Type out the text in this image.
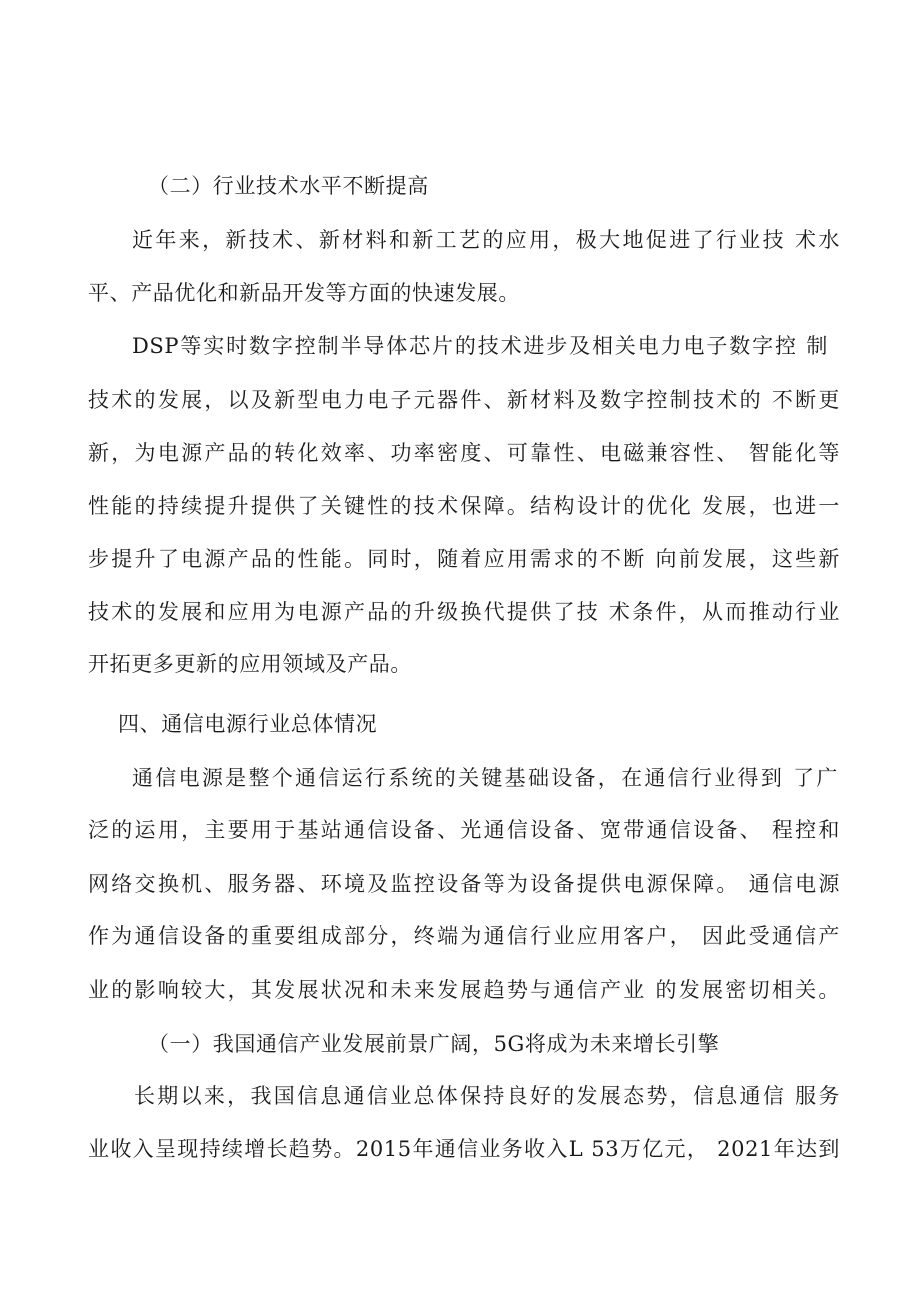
（二）行业技术水平不断提高
近年来，新技术、新材料和新工艺的应用，极大地促进了行业技 术水
平、产品优化和新品开发等方面的快速发展。
DSP等实时数字控制半导体芯片的技术进步及相关电力电子数字控 制
技术的发展，以及新型电力电子元器件、新材料及数字控制技术的 不断更
新，为电源产品的转化效率、功率密度、可靠性、电磁兼容性、 智能化等
性能的持续提升提供了关键性的技术保障。结构设计的优化 发展，也进一
步提升了电源产品的性能。同时，随着应用需求的不断 向前发展，这些新
技术的发展和应用为电源产品的升级换代提供了技 术条件，从而推动行业
开拓更多更新的应用领域及产品。
四、通信电源行业总体情况
通信电源是整个通信运行系统的关键基础设备，在通信行业得到 了广
泛的运用，主要用于基站通信设备、光通信设备、宽带通信设备、 程控和
网络交换机、服务器、环境及监控设备等为设备提供电源保障。 通信电源
作为通信设备的重要组成部分，终端为通信行业应用客户， 因此受通信产
业的影响较大，其发展状况和未来发展趋势与通信产业 的发展密切相关。
（一）我国通信产业发展前景广阔，5G将成为未来增长引擎
长期以来，我国信息通信业总体保持良好的发展态势，信息通信 服务
业收入呈现持续增长趋势。2015年通信业务收入L 53万亿元， 2021年达到
